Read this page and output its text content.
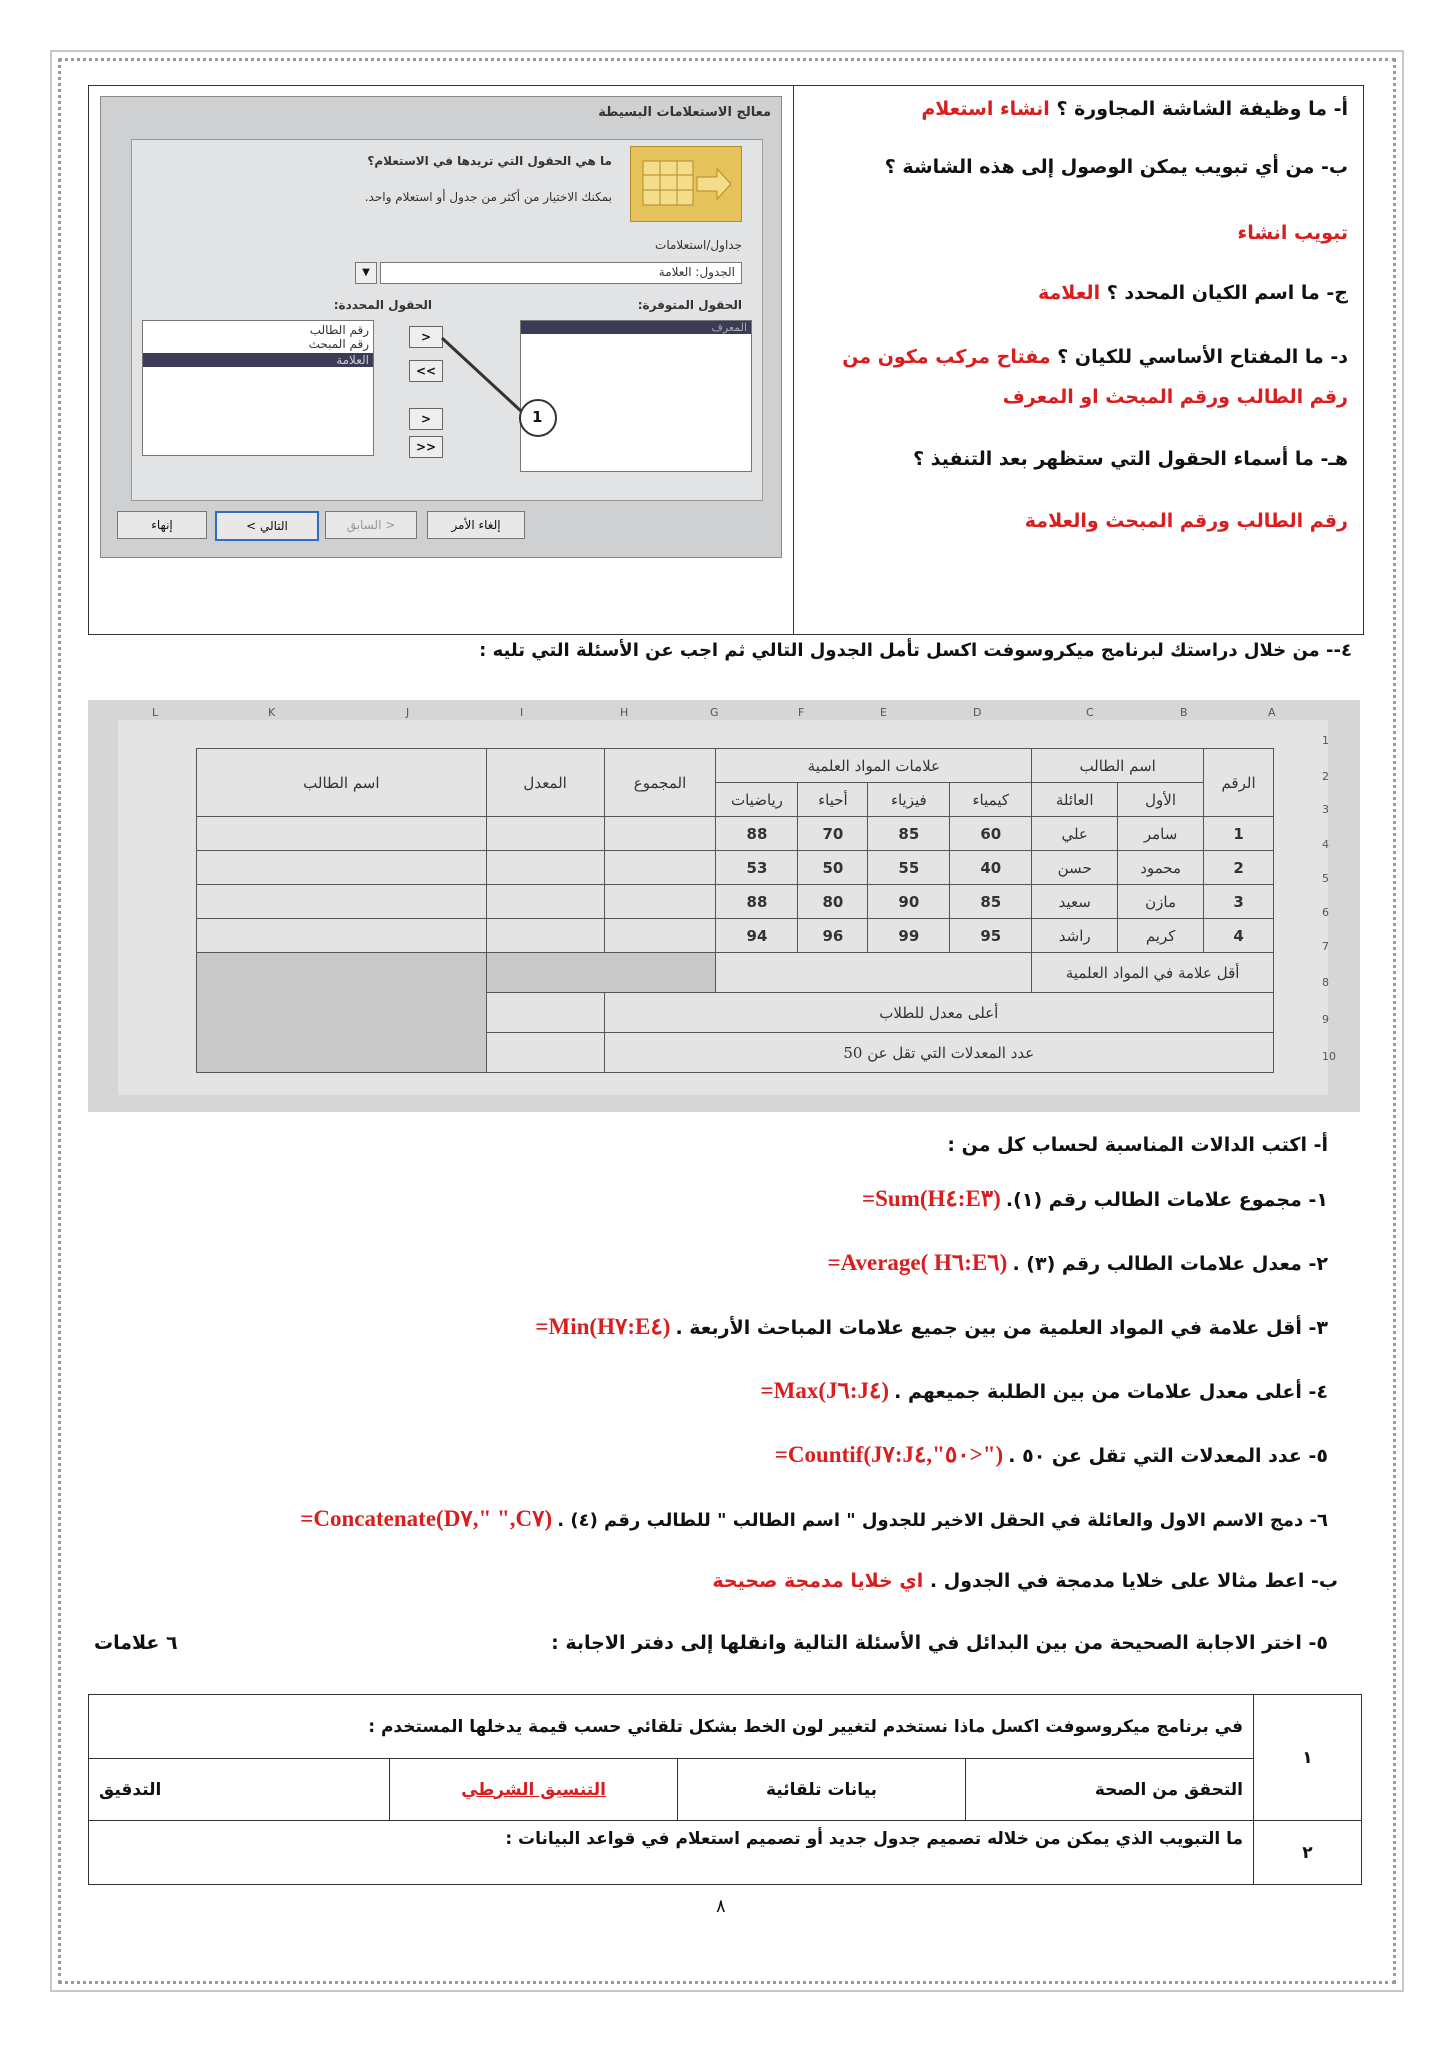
أ- ما وظيفة الشاشة المجاورة ؟ انشاء استعلام
ب- من أي تبويب يمكن الوصول إلى هذه الشاشة ؟
تبويب انشاء
ج- ما اسم الكيان المحدد ؟ العلامة
د- ما المفتاح الأساسي للكيان ؟ مفتاح مركب مكون من
رقم الطالب ورقم المبحث او المعرف
هـ- ما أسماء الحقول التي ستظهر بعد التنفيذ ؟
رقم الطالب ورقم المبحث والعلامة
معالج الاستعلامات البسيطة
ما هي الحقول التي تريدها في الاستعلام؟
بمكنك الاختيار من أكثر من جدول أو استعلام واحد.
جداول/استعلامات
الجدول: العلامة
▼
الحقول المتوفرة:
الحقول المحددة:
المعرف
>
<<
>
>>
رقم الطالب
رقم المبحث
العلامة
1
إنهاء	التالي >	< السابق	إلغاء الأمر
٤-- من خلال دراستك لبرنامج ميكروسوفت اكسل تأمل الجدول التالي ثم اجب عن الأسئلة التي تليه :
A
B
C
D
E
F
G
H
I
J
K
L
1
2
3
4
5
6
7
8
9
10
الرقم	اسم الطالب		علامات المواد العلمية				المجموع	المعدل	اسم الطالب
	الأول	العائلة	كيمياء	فيزياء	أحياء	رياضيات			
1	سامر	علي	60	85	70	88			
2	محمود	حسن	40	55	50	53			
3	مازن	سعيد	85	90	80	88			
4	كريم	راشد	95	99	96	94			
أقل علامة في المواد العلمية									
أعلى معدل للطلاب									
عدد المعدلات التي تقل عن 50									
أ- اكتب الدالات المناسبة لحساب كل من :
١- مجموع علامات الطالب رقم (١). (E٣:H٤)Sum=
٢- معدل علامات الطالب رقم (٣) . (E٦:H٦ )Average=
٣- أقل علامة في المواد العلمية من بين جميع علامات المباحث الأربعة . (E٤:H٧)Min=
٤- أعلى معدل علامات من بين الطلبة جميعهم . (J٤:J٦)Max=
٥- عدد المعدلات التي تقل عن ٥٠ . ("<٥٠",J٤:J٧)Countif=
٦- دمج الاسم الاول والعائلة في الحقل الاخير للجدول " اسم الطالب " للطالب رقم (٤) . (C٧," ",D٧)Concatenate=
ب- اعط مثالا على خلايا مدمجة في الجدول . اي خلايا مدمجة صحيحة
٥- اختر الاجابة الصحيحة من بين البدائل في الأسئلة التالية وانقلها إلى دفتر الاجابة :
٦ علامات
١	في برنامج ميكروسوفت اكسل ماذا نستخدم لتغيير لون الخط بشكل تلقائي حسب قيمة يدخلها المستخدم :			
	التحقق من الصحة	بيانات تلقائية	التنسيق الشرطي	التدقيق
٢	ما التبويب الذي يمكن من خلاله تصميم جدول جديد أو تصميم استعلام في قواعد البيانات :			
٨
